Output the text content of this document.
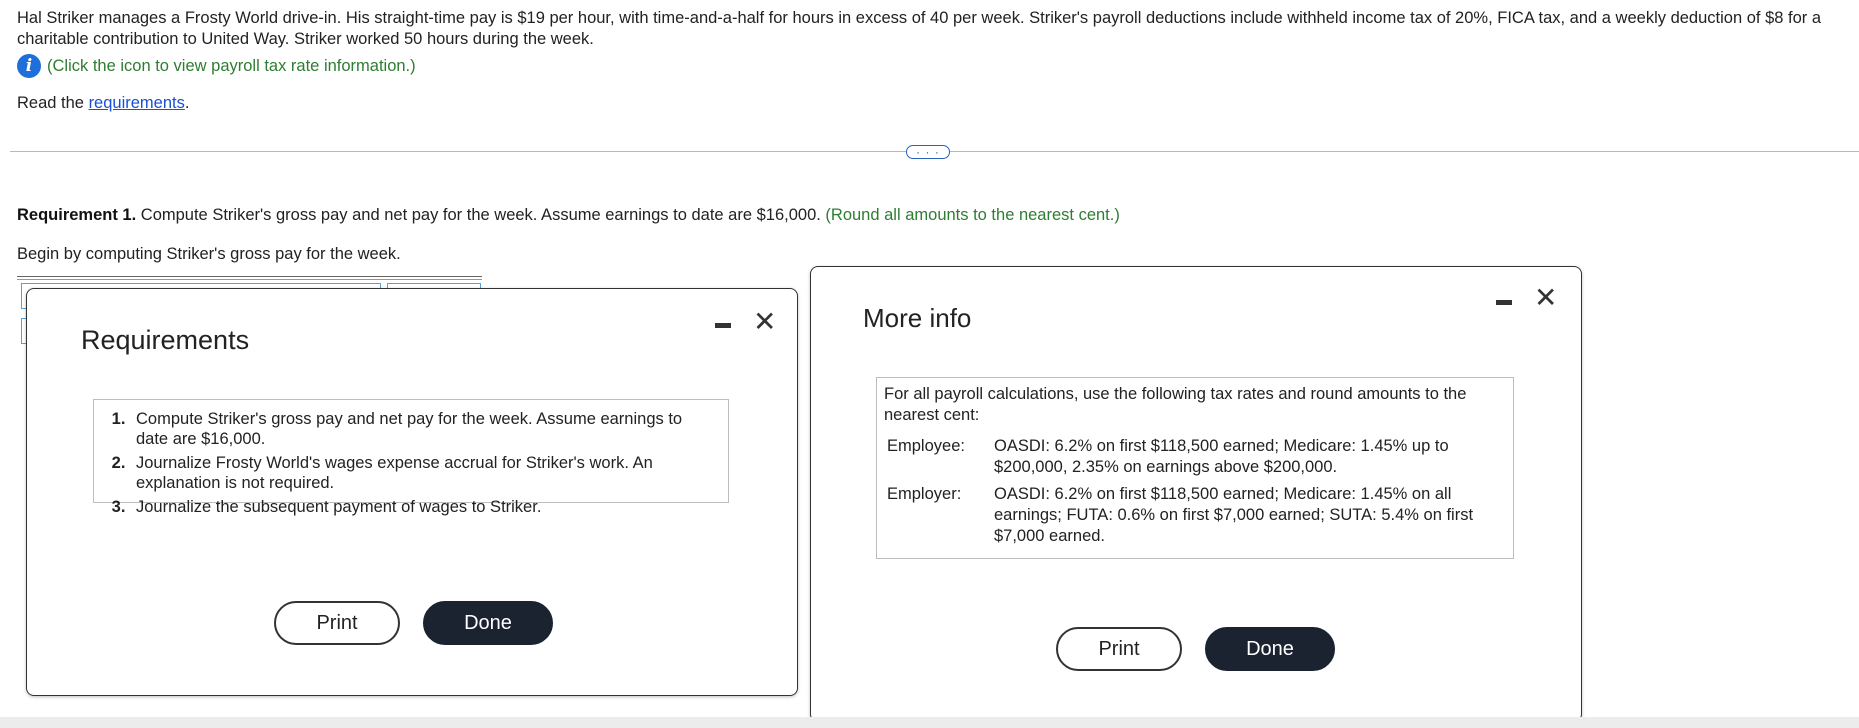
Hal Striker manages a Frosty World drive-in. His straight-time pay is $19 per hour, with time-and-a-half for hours in excess of 40 per week. Striker's payroll deductions include withheld income tax of 20%, FICA tax, and a weekly deduction of $8 for a charitable contribution to United Way. Striker worked 50 hours during the week.
i (Click the icon to view payroll tax rate information.)
Read the requirements.
· · ·
Requirement 1. Compute Striker's gross pay and net pay for the week. Assume earnings to date are $16,000. (Round all amounts to the nearest cent.)
Begin by computing Striker's gross pay for the week.
Requirements
✕
1. Compute Striker's gross pay and net pay for the week. Assume earnings to date are $16,000.
2. Journalize Frosty World's wages expense accrual for Striker's work. An explanation is not required.
3. Journalize the subsequent payment of wages to Striker.
Print	Done
More info
✕
For all payroll calculations, use the following tax rates and round amounts to the nearest cent:
Employee:	OASDI: 6.2% on first $118,500 earned; Medicare: 1.45% up to $200,000, 2.35% on earnings above $200,000.
Employer:	OASDI: 6.2% on first $118,500 earned; Medicare: 1.45% on all earnings; FUTA: 0.6% on first $7,000 earned; SUTA: 5.4% on first $7,000 earned.
Print	Done
